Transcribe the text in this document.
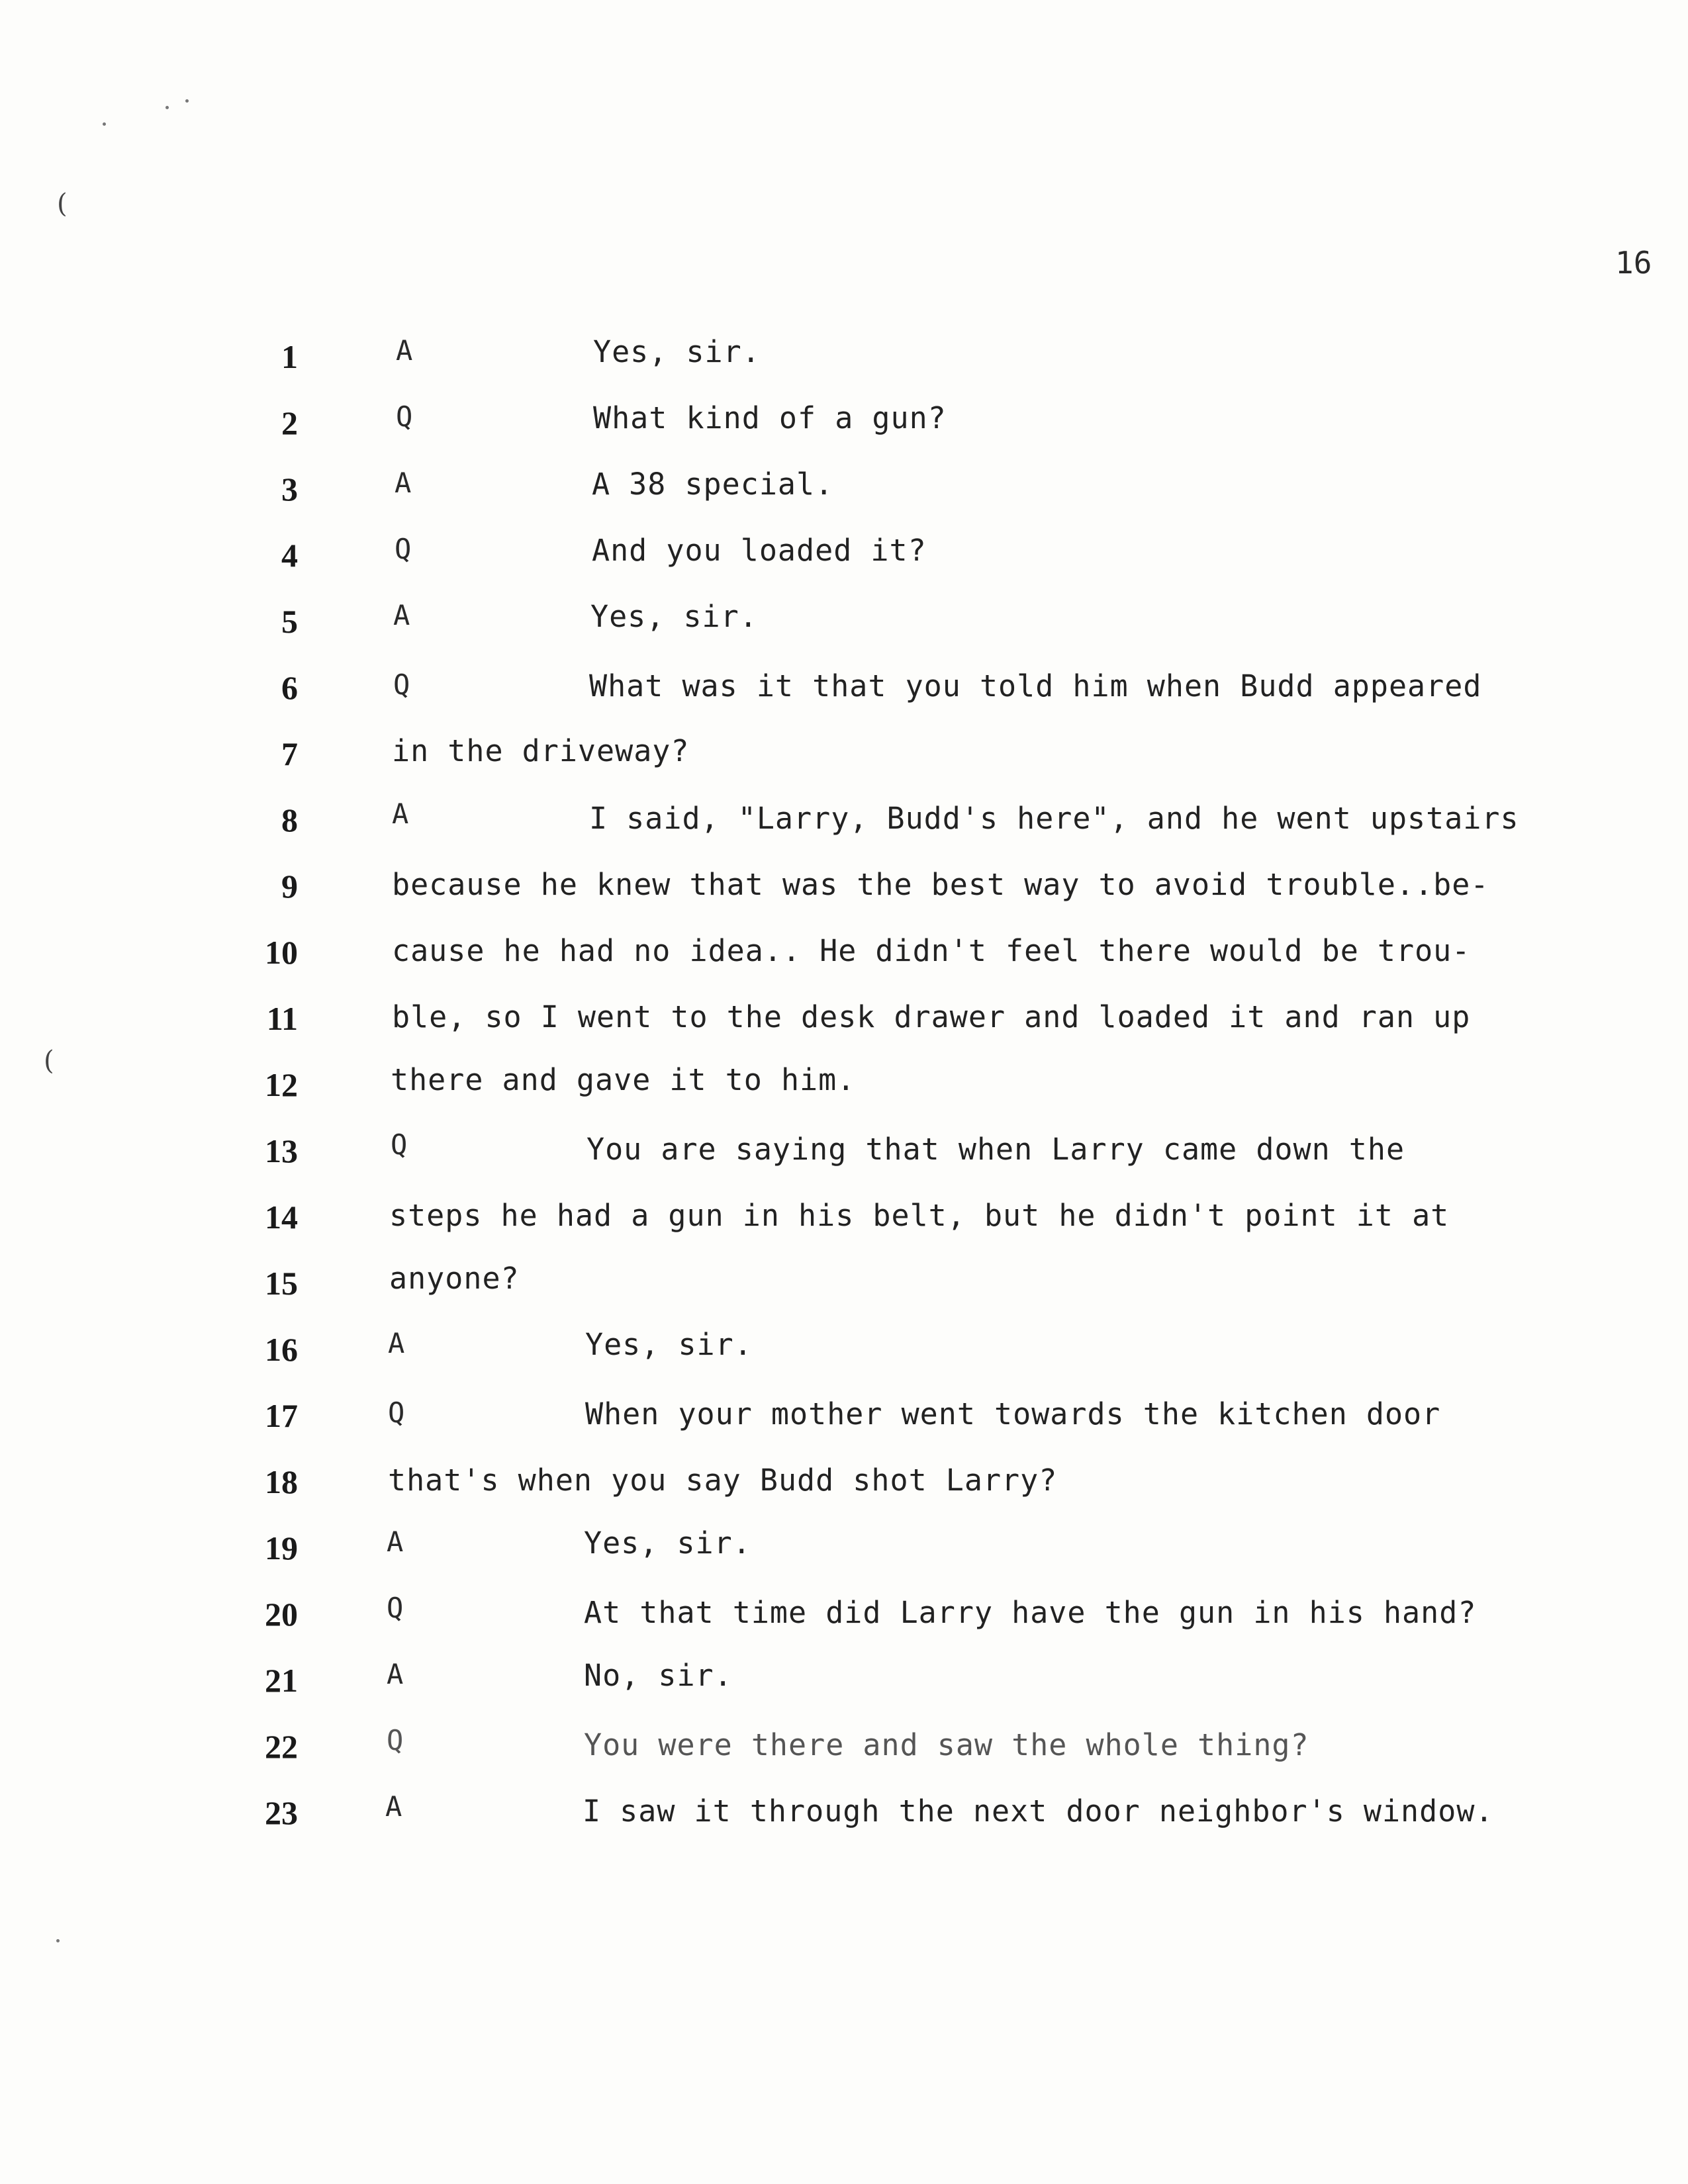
(
(
16
1	A	Yes, sir.
2	Q	What kind of a gun?
3	A	A 38 special.
4	Q	And you loaded it?
5	A	Yes, sir.
6	Q	What was it that you told him when Budd appeared
7	in the driveway?
8	A	I said, "Larry, Budd's here", and he went upstairs
9	because he knew that was the best way to avoid trouble..be-
10	cause he had no idea.. He didn't feel there would be trou-
11	ble, so I went to the desk drawer and loaded it and ran up
12	there and gave it to him.
13	Q	You are saying that when Larry came down the
14	steps he had a gun in his belt, but he didn't point it at
15	anyone?
16	A	Yes, sir.
17	Q	When your mother went towards the kitchen door
18	that's when you say Budd shot Larry?
19	A	Yes, sir.
20	Q	At that time did Larry have the gun in his hand?
21	A	No, sir.
22	Q	You were there and saw the whole thing?
23	A	I saw it through the next door neighbor's window.
